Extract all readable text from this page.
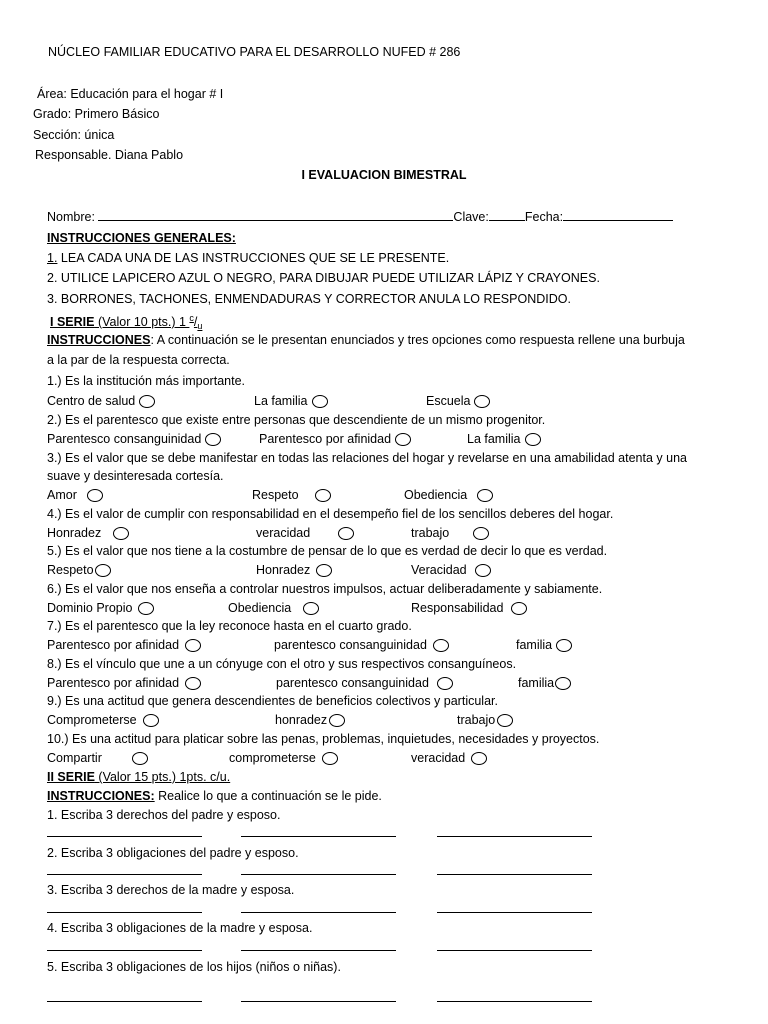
NÚCLEO FAMILIAR EDUCATIVO PARA EL DESARROLLO NUFED # 286
Área: Educación para el hogar # I
Grado: Primero Básico
Sección: única
Responsable. Diana Pablo
I EVALUACION BIMESTRAL
Nombre:	Clave:	Fecha:
INSTRUCCIONES GENERALES:
1. LEA CADA UNA DE LAS INSTRUCCIONES QUE SE LE PRESENTE.
2. UTILICE LAPICERO AZUL O NEGRO, PARA DIBUJAR PUEDE UTILIZAR LÁPIZ Y CRAYONES.
3. BORRONES, TACHONES, ENMENDADURAS Y CORRECTOR ANULA LO RESPONDIDO.
I SERIE (Valor 10 pts.) 1 $^c/_u$
INSTRUCCIONES: A continuación se le presentan enunciados y tres opciones como respuesta rellene una burbuja
a la par de la respuesta correcta.
1.) Es la institución más importante.
Centro de salud	La familia	Escuela
2.) Es el parentesco que existe entre personas que descendiente de un mismo progenitor.
Parentesco consanguinidad	Parentesco por afinidad	La familia
3.) Es el valor que se debe manifestar en todas las relaciones del hogar y revelarse en una amabilidad atenta y una
suave y desinteresada cortesía.
Amor	Respeto	Obediencia
4.) Es el valor de cumplir con responsabilidad en el desempeño fiel de los sencillos deberes del hogar.
Honradez	veracidad	trabajo
5.) Es el valor que nos tiene a la costumbre de pensar de lo que es verdad de decir lo que es verdad.
Respeto	Honradez	Veracidad
6.) Es el valor que nos enseña a controlar nuestros impulsos, actuar deliberadamente y sabiamente.
Dominio Propio	Obediencia	Responsabilidad
7.) Es el parentesco que la ley reconoce hasta en el cuarto grado.
Parentesco por afinidad	parentesco consanguinidad	familia
8.) Es el vínculo que une a un cónyuge con el otro y sus respectivos consanguíneos.
Parentesco por afinidad	parentesco consanguinidad	familia
9.) Es una actitud que genera descendientes de beneficios colectivos y particular.
Comprometerse	honradez	trabajo
10.) Es una actitud para platicar sobre las penas, problemas, inquietudes, necesidades y proyectos.
Compartir	comprometerse	veracidad
II SERIE (Valor 15 pts.) 1pts. c/u.
INSTRUCCIONES: Realice lo que a continuación se le pide.
1. Escriba 3 derechos del padre y esposo.
2. Escriba 3 obligaciones del padre y esposo.
3. Escriba 3 derechos de la madre y esposa.
4. Escriba 3 obligaciones de la madre y esposa.
5. Escriba 3 obligaciones de los hijos (niños o niñas).
